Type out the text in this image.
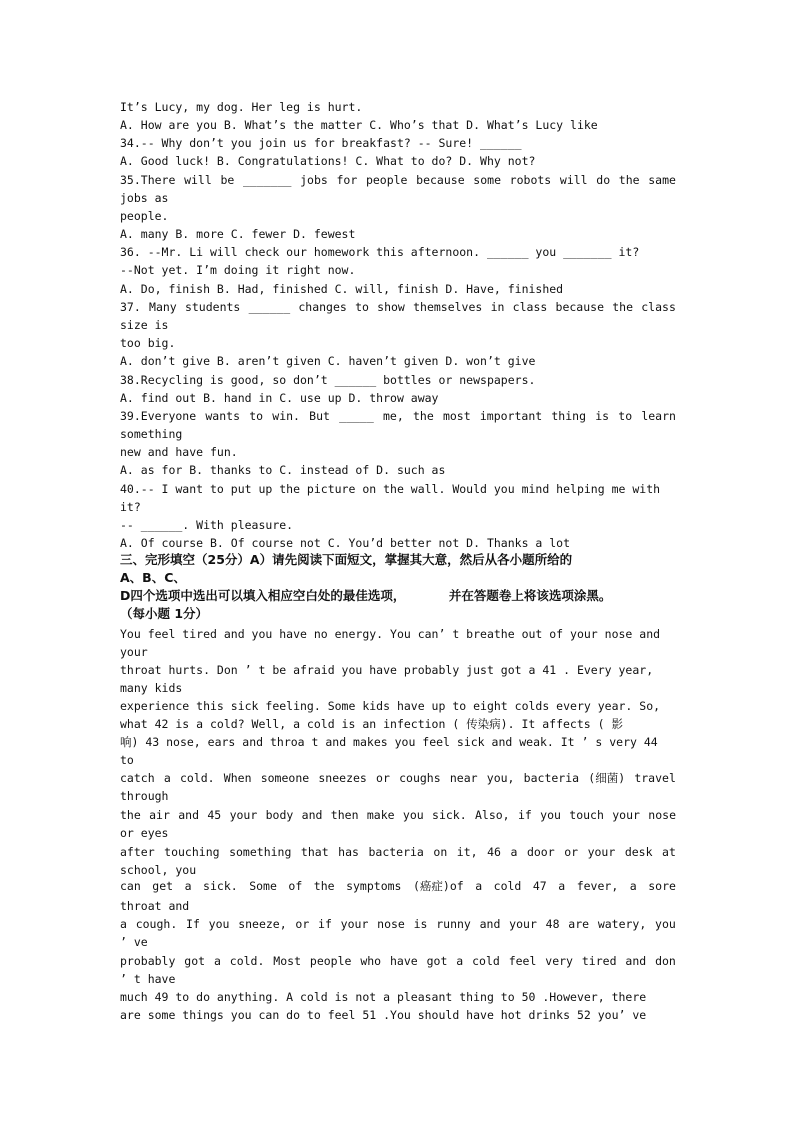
It’s Lucy, my dog. Her leg is hurt.
A. How are you B. What’s the matter C. Who’s that D. What’s Lucy like
34.-- Why don’t you join us for breakfast? -- Sure! ______
A. Good luck! B. Congratulations! C. What to do? D. Why not?
35.There will be _______ jobs for people because some robots will do the same
jobs as
people.
A. many B. more C. fewer D. fewest
36. --Mr. Li will check our homework this afternoon. ______ you _______ it?
--Not yet. I’m doing it right now.
A. Do, finish B. Had, finished C. will, finish D. Have, finished
37. Many students ______ changes to show themselves in class because the class
size is
too big.
A. don’t give B. aren’t given C. haven’t given D. won’t give
38.Recycling is good, so don’t ______ bottles or newspapers.
A. find out B. hand in C. use up D. throw away
39.Everyone wants to win. But _____ me, the most important thing is to learn
something
new and have fun.
A. as for B. thanks to C. instead of D. such as
40.-- I want to put up the picture on the wall. Would you mind helping me with
it?
-- ______. With pleasure.
A. Of course B. Of course not C. You’d better not D. Thanks a lot
三、完形填空（25分）A）请先阅读下面短文，掌握其大意，然后从各小题所给的
A、B、C、
D四个选项中选出可以填入相应空白处的最佳选项，          并在答题卷上将该选项涂黑。
（每小题 1分）
You feel tired and you have no energy. You can’ t breathe out of your nose and
your
throat hurts. Don ’ t be afraid you have probably just got a 41 . Every year,
many kids
experience this sick feeling. Some kids have up to eight colds every year. So,
what 42 is a cold? Well, a cold is an infection ( 传染病). It affects ( 影
响) 43 nose, ears and throa t and makes you feel sick and weak. It ’ s very 44
to
catch a cold. When someone sneezes or coughs near you, bacteria (细菌) travel
through
the air and 45 your body and then make you sick. Also, if you touch your nose
or eyes
after touching something that has bacteria on it, 46 a door or your desk at
school, you
can get a sick. Some of the symptoms (癌症)of a cold 47 a fever, a sore
throat and
a cough. If you sneeze, or if your nose is runny and your 48 are watery, you
’ ve
probably got a cold. Most people who have got a cold feel very tired and don
’ t have
much 49 to do anything. A cold is not a pleasant thing to 50 .However, there
are some things you can do to feel 51 .You should have hot drinks 52 you’ ve
